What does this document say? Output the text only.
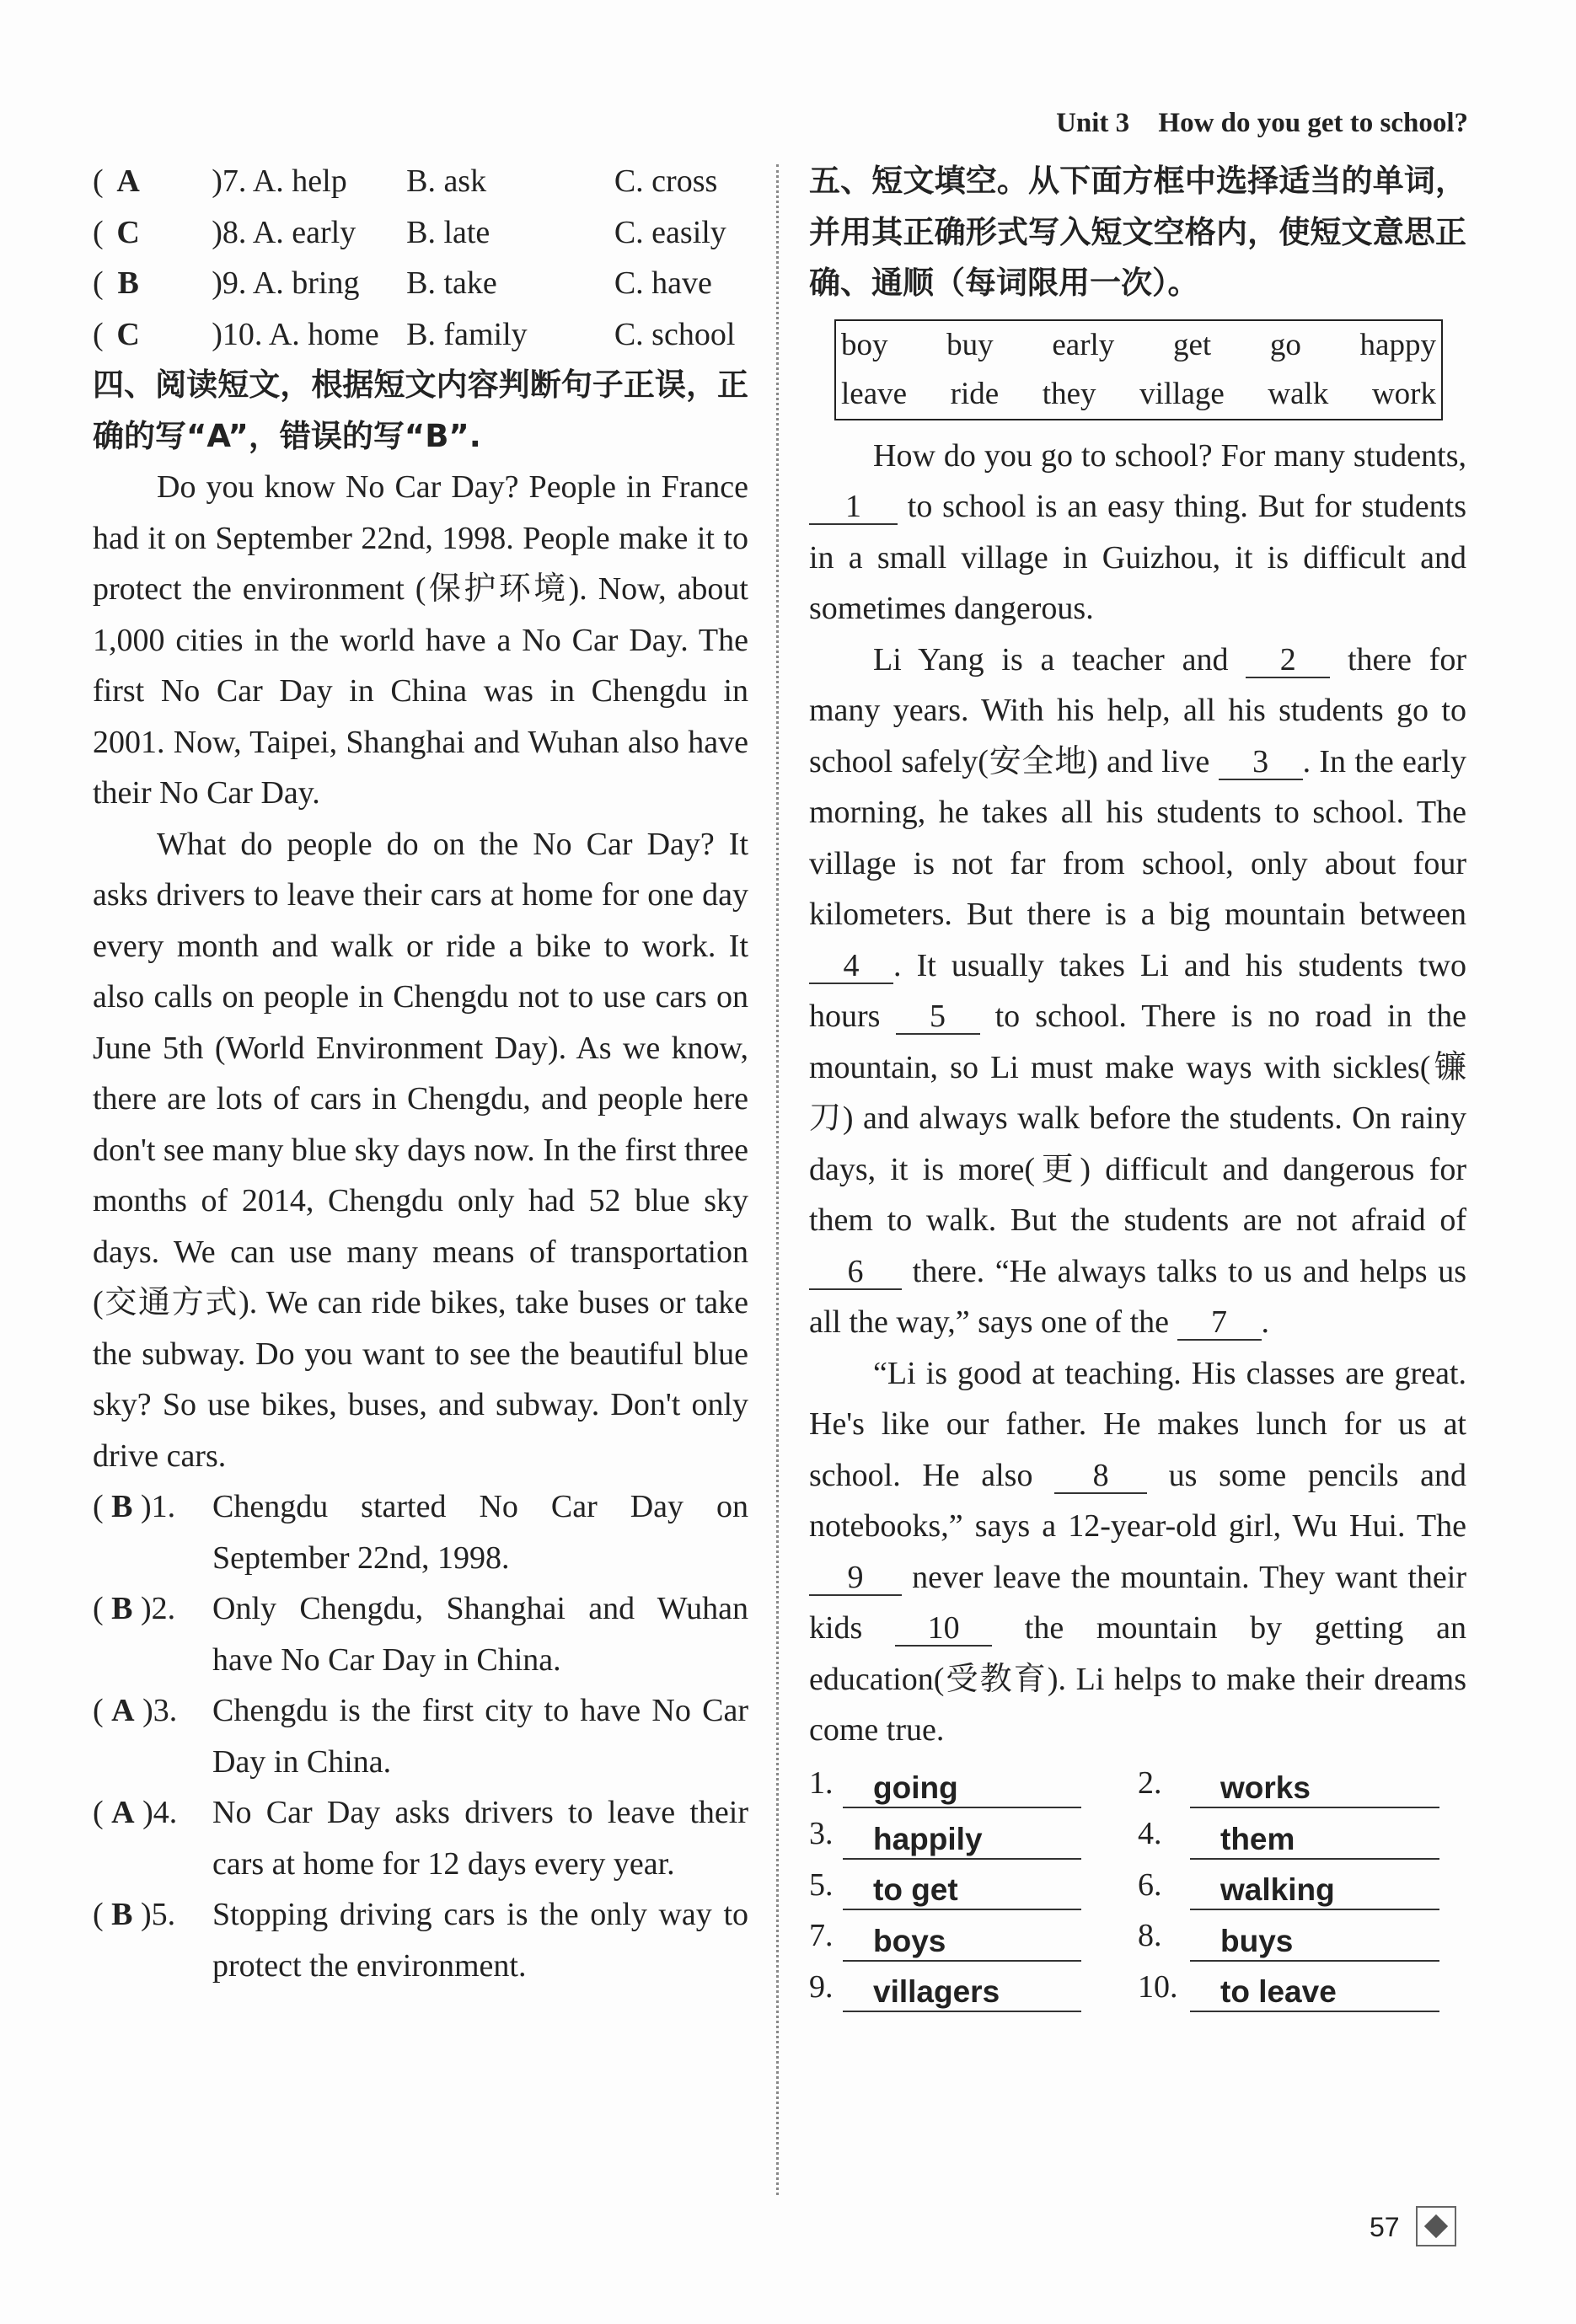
Unit 3 How do you get to school?
( A	)7. A. help	B. ask	C. cross
( C	)8. A. early	B. late	C. easily
( B	)9. A. bring	B. take	C. have
( C	)10. A. home B. family	C. school
四、阅读短文，根据短文内容判断句子正误，正确的写“A”，错误的写“B”.

Do you know No Car Day? People in France had it on September 22nd, 1998. People make it to protect the environment (保护环境). Now, about 1,000 cities in the world have a No Car Day. The first No Car Day in China was in Chengdu in 2001. Now, Taipei, Shanghai and Wuhan also have their No Car Day.

What do people do on the No Car Day? It asks drivers to leave their cars at home for one day every month and walk or ride a bike to work. It also calls on people in Chengdu not to use cars on June 5th (World Environment Day). As we know, there are lots of cars in Chengdu, and people here don't see many blue sky days now. In the first three months of 2014, Chengdu only had 52 blue sky days. We can use many means of transportation (交通方式). We can ride bikes, take buses or take the subway. Do you want to see the beautiful blue sky? So use bikes, buses, and subway. Don't only drive cars.

( B )1.	Chengdu started No Car Day on September 22nd, 1998.
( B )2.	Only Chengdu, Shanghai and Wuhan have No Car Day in China.
( A )3.	Chengdu is the first city to have No Car Day in China.
( A )4.	No Car Day asks drivers to leave their cars at home for 12 days every year.
( B )5.	Stopping driving cars is the only way to protect the environment.
五、短文填空。从下面方框中选择适当的单词，并用其正确形式写入短文空格内，使短文意思正确、通顺（每词限用一次）。
boy buy early get go happy
leave ride they village walk work

How do you go to school? For many students, 1 to school is an easy thing. But for students in a small village in Guizhou, it is difficult and sometimes dangerous.

Li Yang is a teacher and 2 there for many years. With his help, all his students go to school safely(安全地) and live 3 . In the early morning, he takes all his students to school. The village is not far from school, only about four kilometers. But there is a big mountain between 4 . It usually takes Li and his students two hours 5 to school. There is no road in the mountain, so Li must make ways with sickles(镰刀) and always walk before the students. On rainy days, it is more(更) difficult and dangerous for them to walk. But the students are not afraid of 6 there. “He always talks to us and helps us all the way,” says one of the 7 .

“Li is good at teaching. His classes are great. He's like our father. He makes lunch for us at school. He also 8 us some pencils and notebooks,” says a 12-year-old girl, Wu Hui. The 9 never leave the mountain. They want their kids 10 the mountain by getting an education(受教育). Li helps to make their dreams come true.

1.	going	2.	works
3.	happily	4.	them
5.	to get	6.	walking
7.	boys	8.	buys
9.	villagers	10.	to leave
57
